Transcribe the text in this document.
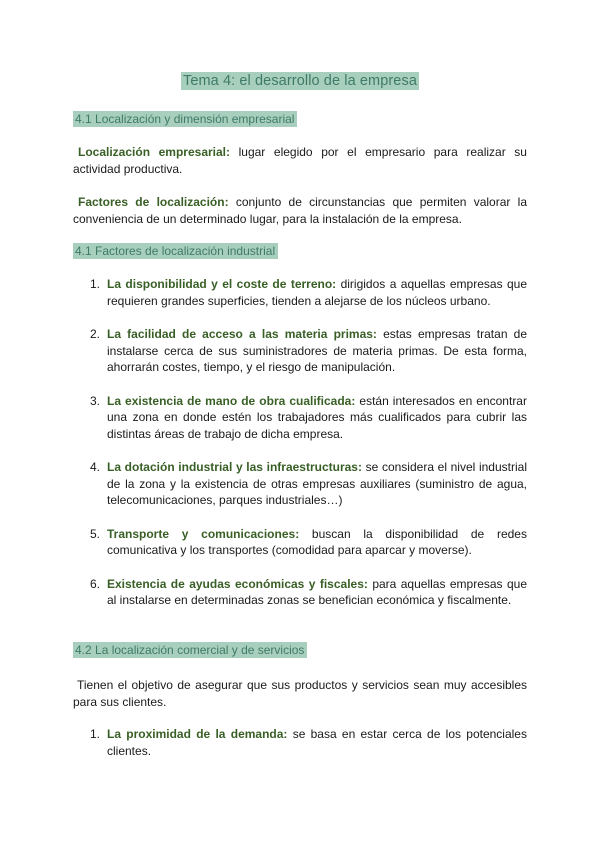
Tema 4: el desarrollo de la empresa
4.1 Localización y dimensión empresarial

Localización empresarial: lugar elegido por el empresario para realizar su actividad productiva.

Factores de localización: conjunto de circunstancias que permiten valorar la conveniencia de un determinado lugar, para la instalación de la empresa.

4.1 Factores de localización industrial
1. La disponibilidad y el coste de terreno: dirigidos a aquellas empresas que requieren grandes superficies, tienden a alejarse de los núcleos urbano.
2. La facilidad de acceso a las materia primas: estas empresas tratan de instalarse cerca de sus suministradores de materia primas. De esta forma, ahorrarán costes, tiempo, y el riesgo de manipulación.
3. La existencia de mano de obra cualificada: están interesados en encontrar una zona en donde estén los trabajadores más cualificados para cubrir las distintas áreas de trabajo de dicha empresa.
4. La dotación industrial y las infraestructuras: se considera el nivel industrial de la zona y la existencia de otras empresas auxiliares (suministro de agua, telecomunicaciones, parques industriales…)
5. Transporte y comunicaciones: buscan la disponibilidad de redes comunicativa y los transportes (comodidad para aparcar y moverse).
6. Existencia de ayudas económicas y fiscales: para aquellas empresas que al instalarse en determinadas zonas se benefician económica y fiscalmente.
4.2 La localización comercial y de servicios

Tienen el objetivo de asegurar que sus productos y servicios sean muy accesibles para sus clientes.

1. La proximidad de la demanda: se basa en estar cerca de los potenciales clientes.
